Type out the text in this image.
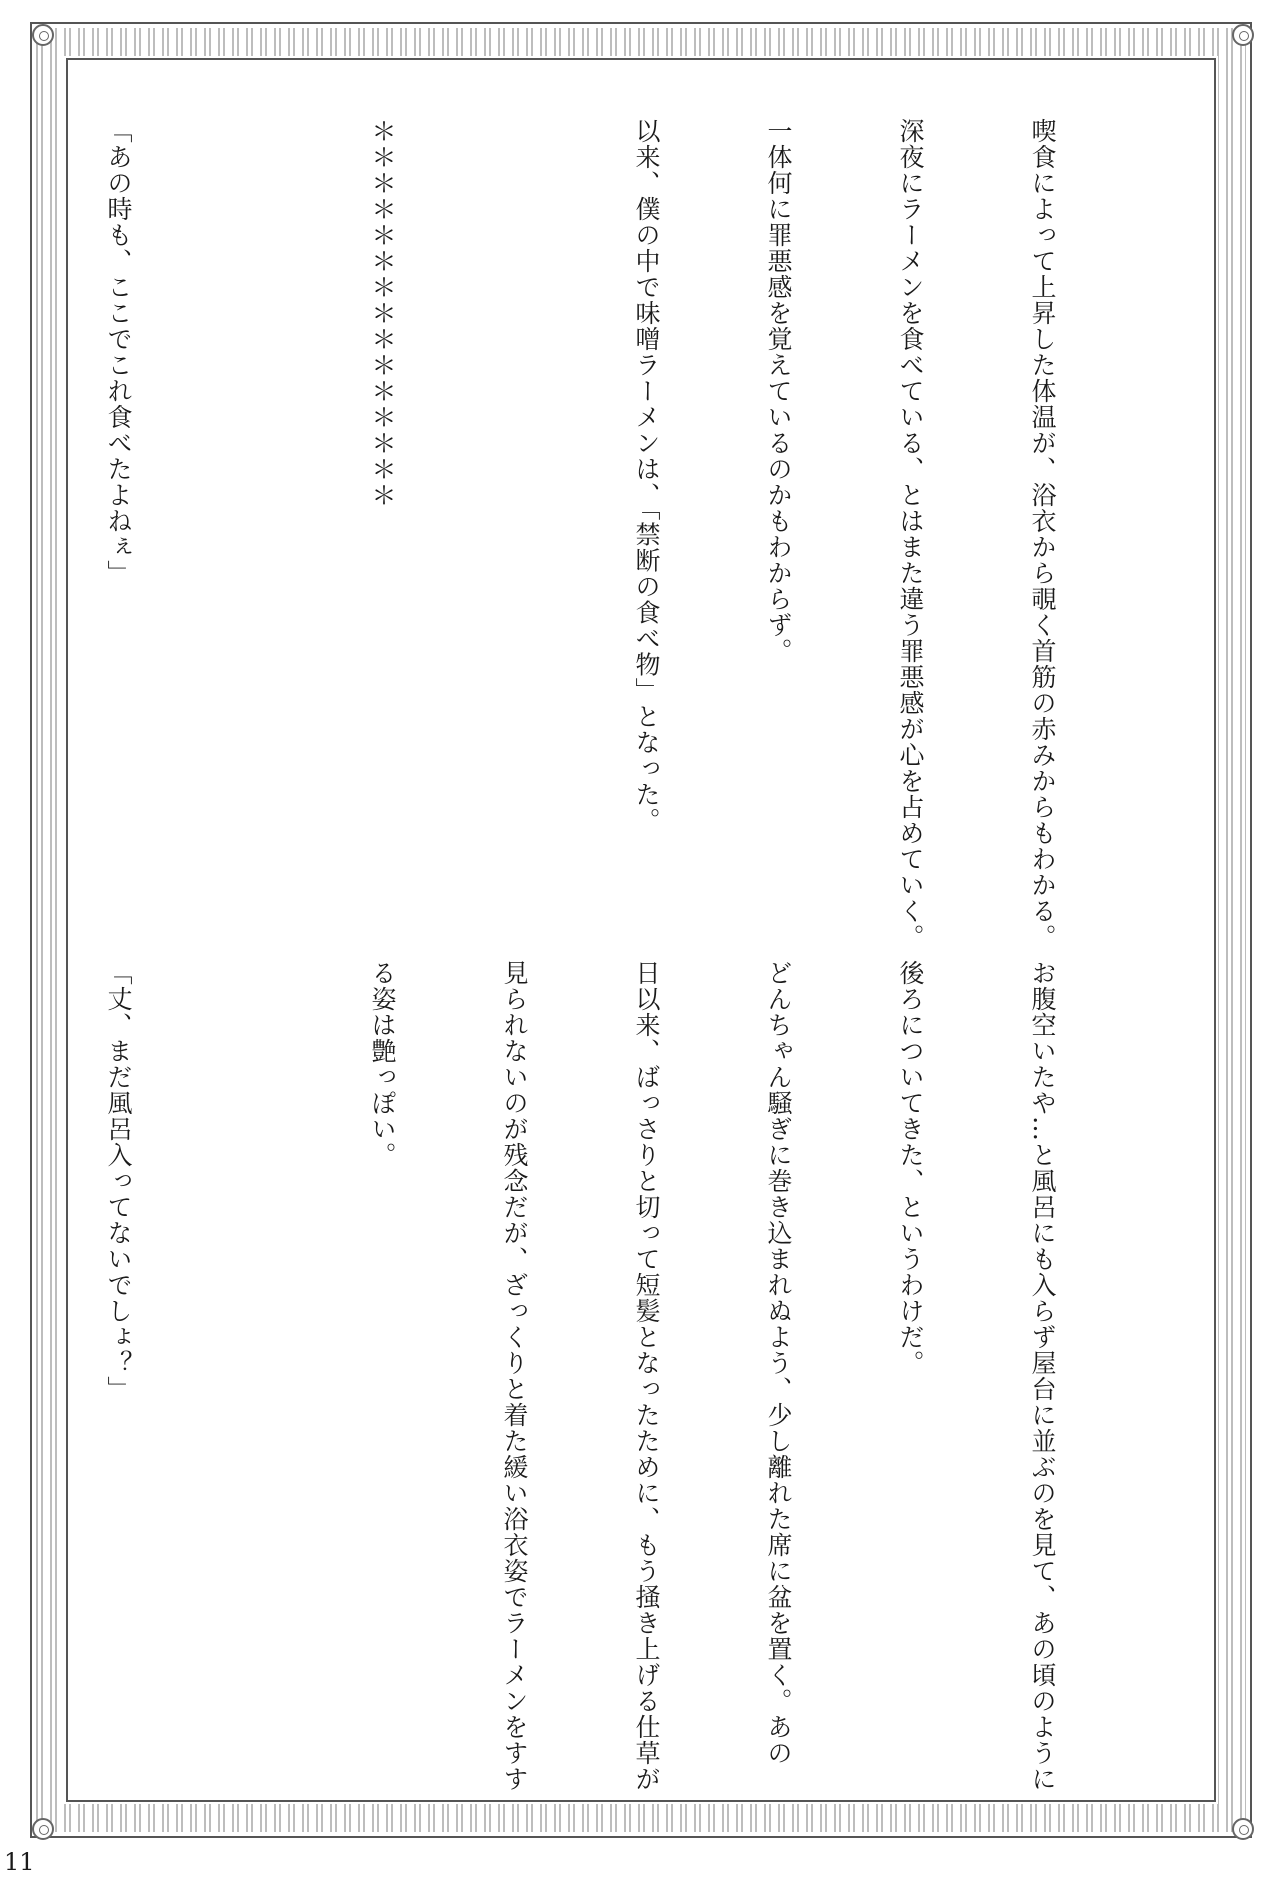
喫食によって上昇した体温が、浴衣から覗く首筋の赤みからもわかる。

深夜にラーメンを食べている、とはまた違う罪悪感が心を占めていく。

一体何に罪悪感を覚えているのかもわからず。

以来、僕の中で味噌ラーメンは、「禁断の食べ物」となった。

＊＊＊＊＊＊＊＊＊＊＊＊＊＊＊

「あの時も、ここでこれ食べたよねぇ」

お腹空いたや…と風呂にも入らず屋台に並ぶのを見て、あの頃のように

後ろについてきた、というわけだ。

どんちゃん騒ぎに巻き込まれぬよう、少し離れた席に盆を置く。あの

日以来、ばっさりと切って短髪となったために、もう掻き上げる仕草が

見られないのが残念だが、ざっくりと着た緩い浴衣姿でラーメンをすす

る姿は艶っぽい。

「丈、まだ風呂入ってないでしょ？」

11
